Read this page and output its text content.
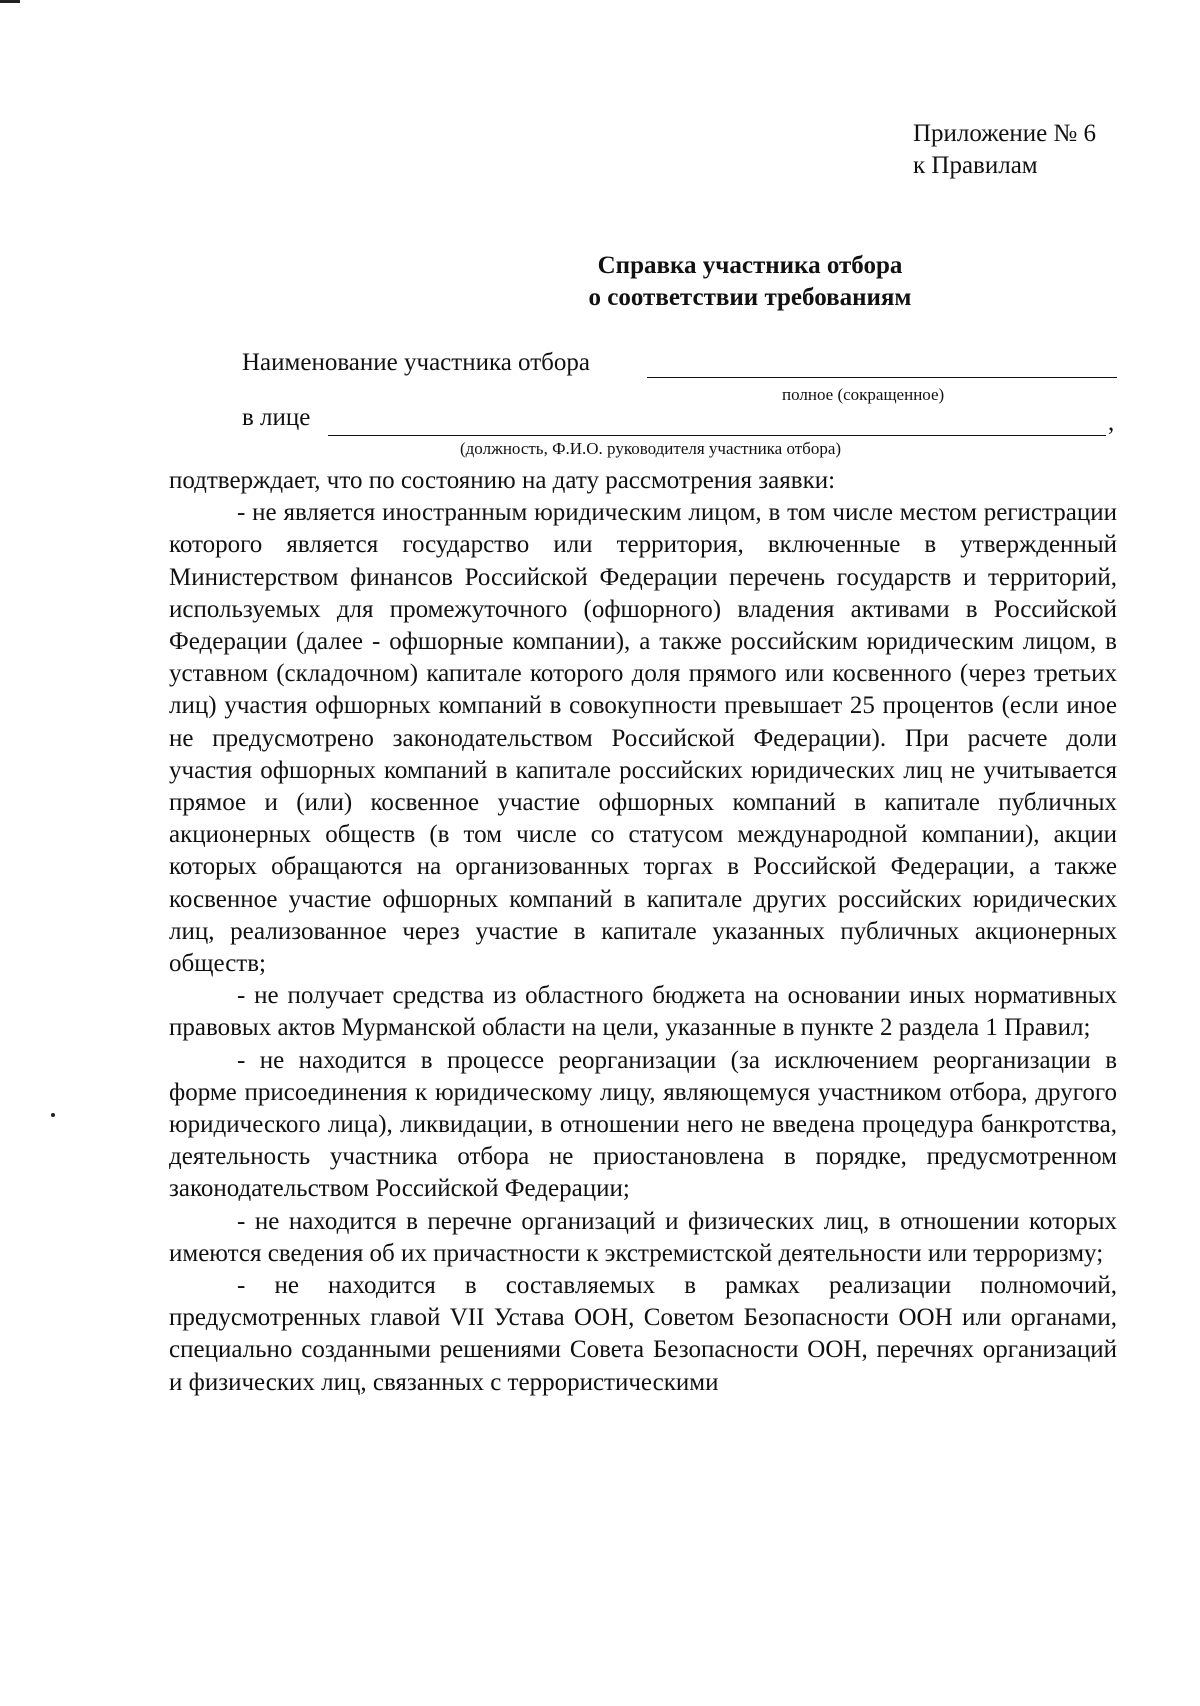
Приложение № 6
к Правилам
Справка участника отбора
о соответствии требованиям
Наименование участника отбора
полное (сокращенное)
в лице	,
(должность, Ф.И.О. руководителя участника отбора)

подтверждает, что по состоянию на дату рассмотрения заявки:

- не является иностранным юридическим лицом, в том числе местом регистрации которого является государство или территория, включенные в утвержденный Министерством финансов Российской Федерации перечень государств и территорий, используемых для промежуточного (офшорного) владения активами в Российской Федерации (далее - офшорные компании), а также российским юридическим лицом, в уставном (складочном) капитале которого доля прямого или косвенного (через третьих лиц) участия офшорных компаний в совокупности превышает 25 процентов (если иное не предусмотрено законодательством Российской Федерации). При расчете доли участия офшорных компаний в капитале российских юридических лиц не учитывается прямое и (или) косвенное участие офшорных компаний в капитале публичных акционерных обществ (в том числе со статусом международной компании), акции которых обращаются на организованных торгах в Российской Федерации, а также косвенное участие офшорных компаний в капитале других российских юридических лиц, реализованное через участие в капитале указанных публичных акционерных обществ;

- не получает средства из областного бюджета на основании иных нормативных правовых актов Мурманской области на цели, указанные в пункте 2 раздела 1 Правил;

- не находится в процессе реорганизации (за исключением реорганизации в форме присоединения к юридическому лицу, являющемуся участником отбора, другого юридического лица), ликвидации, в отношении него не введена процедура банкротства, деятельность участника отбора не приостановлена в порядке, предусмотренном законодательством Российской Федерации;

- не находится в перечне организаций и физических лиц, в отношении которых имеются сведения об их причастности к экстремистской деятельности или терроризму;

- не находится в составляемых в рамках реализации полномочий, предусмотренных главой VII Устава ООН, Советом Безопасности ООН или органами, специально созданными решениями Совета Безопасности ООН, перечнях организаций и физических лиц, связанных с террористическими
